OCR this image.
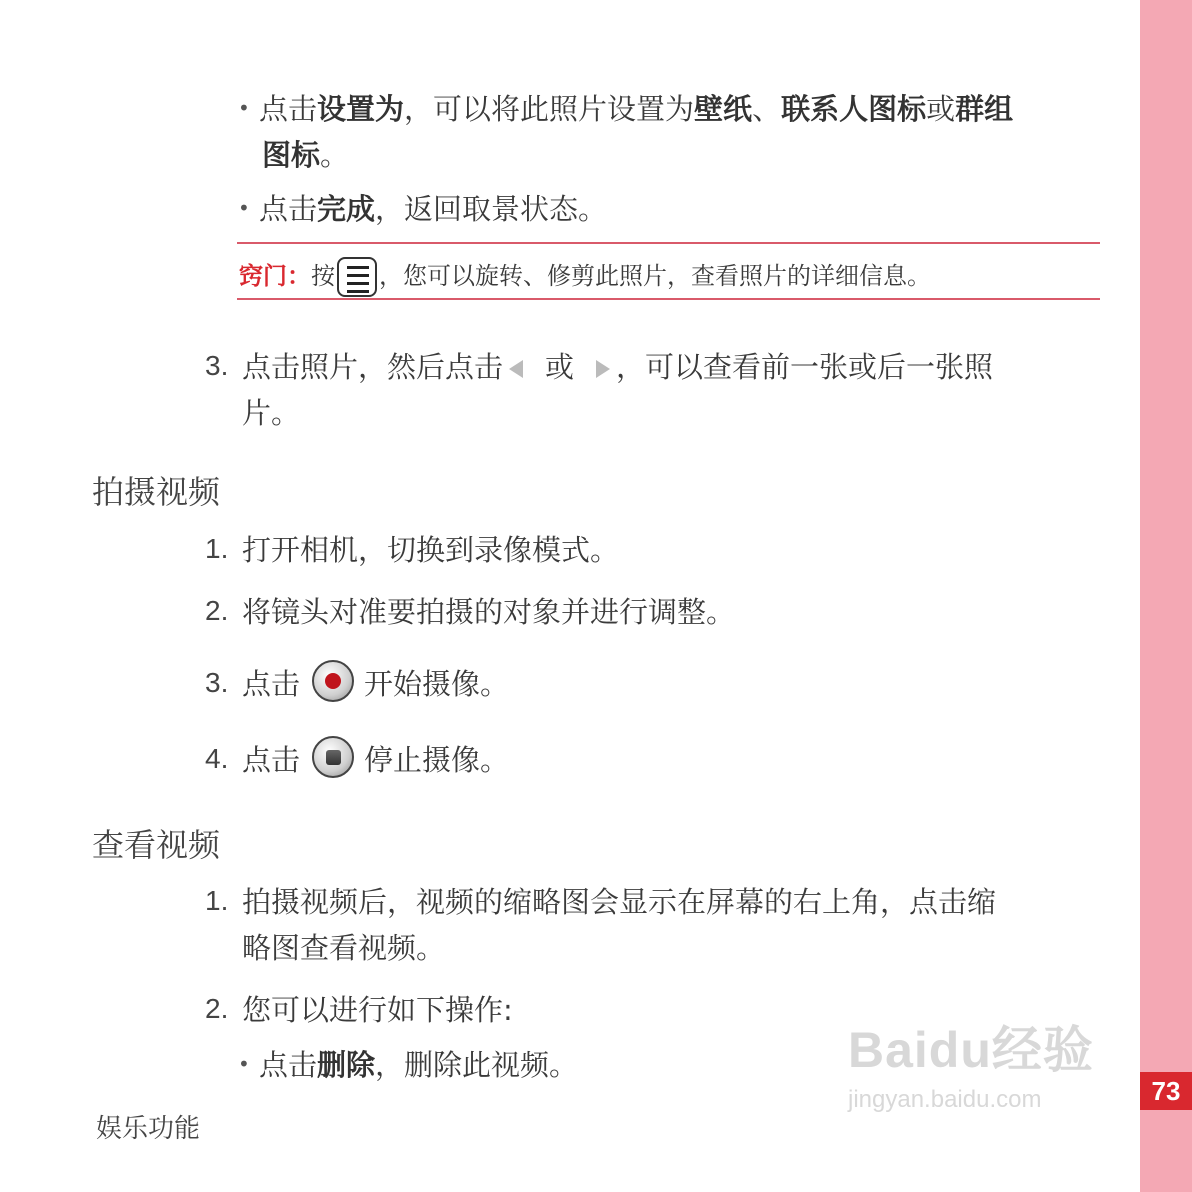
73
• 点击设置为，可以将此照片设置为壁纸、联系人图标或群组
图标。
• 点击完成，返回取景状态。
窍门：按 ，您可以旋转、修剪此照片，查看照片的详细信息。
3. 点击照片，然后点击 或 ，可以查看前一张或后一张照
片。
拍摄视频
1. 打开相机，切换到录像模式。
2. 将镜头对准要拍摄的对象并进行调整。
3. 点击 开始摄像。
4. 点击 停止摄像。
查看视频
1. 拍摄视频后，视频的缩略图会显示在屏幕的右上角，点击缩
略图查看视频。
2. 您可以进行如下操作:
• 点击删除，删除此视频。	Baidu经验
jingyan.baidu.com
娱乐功能
